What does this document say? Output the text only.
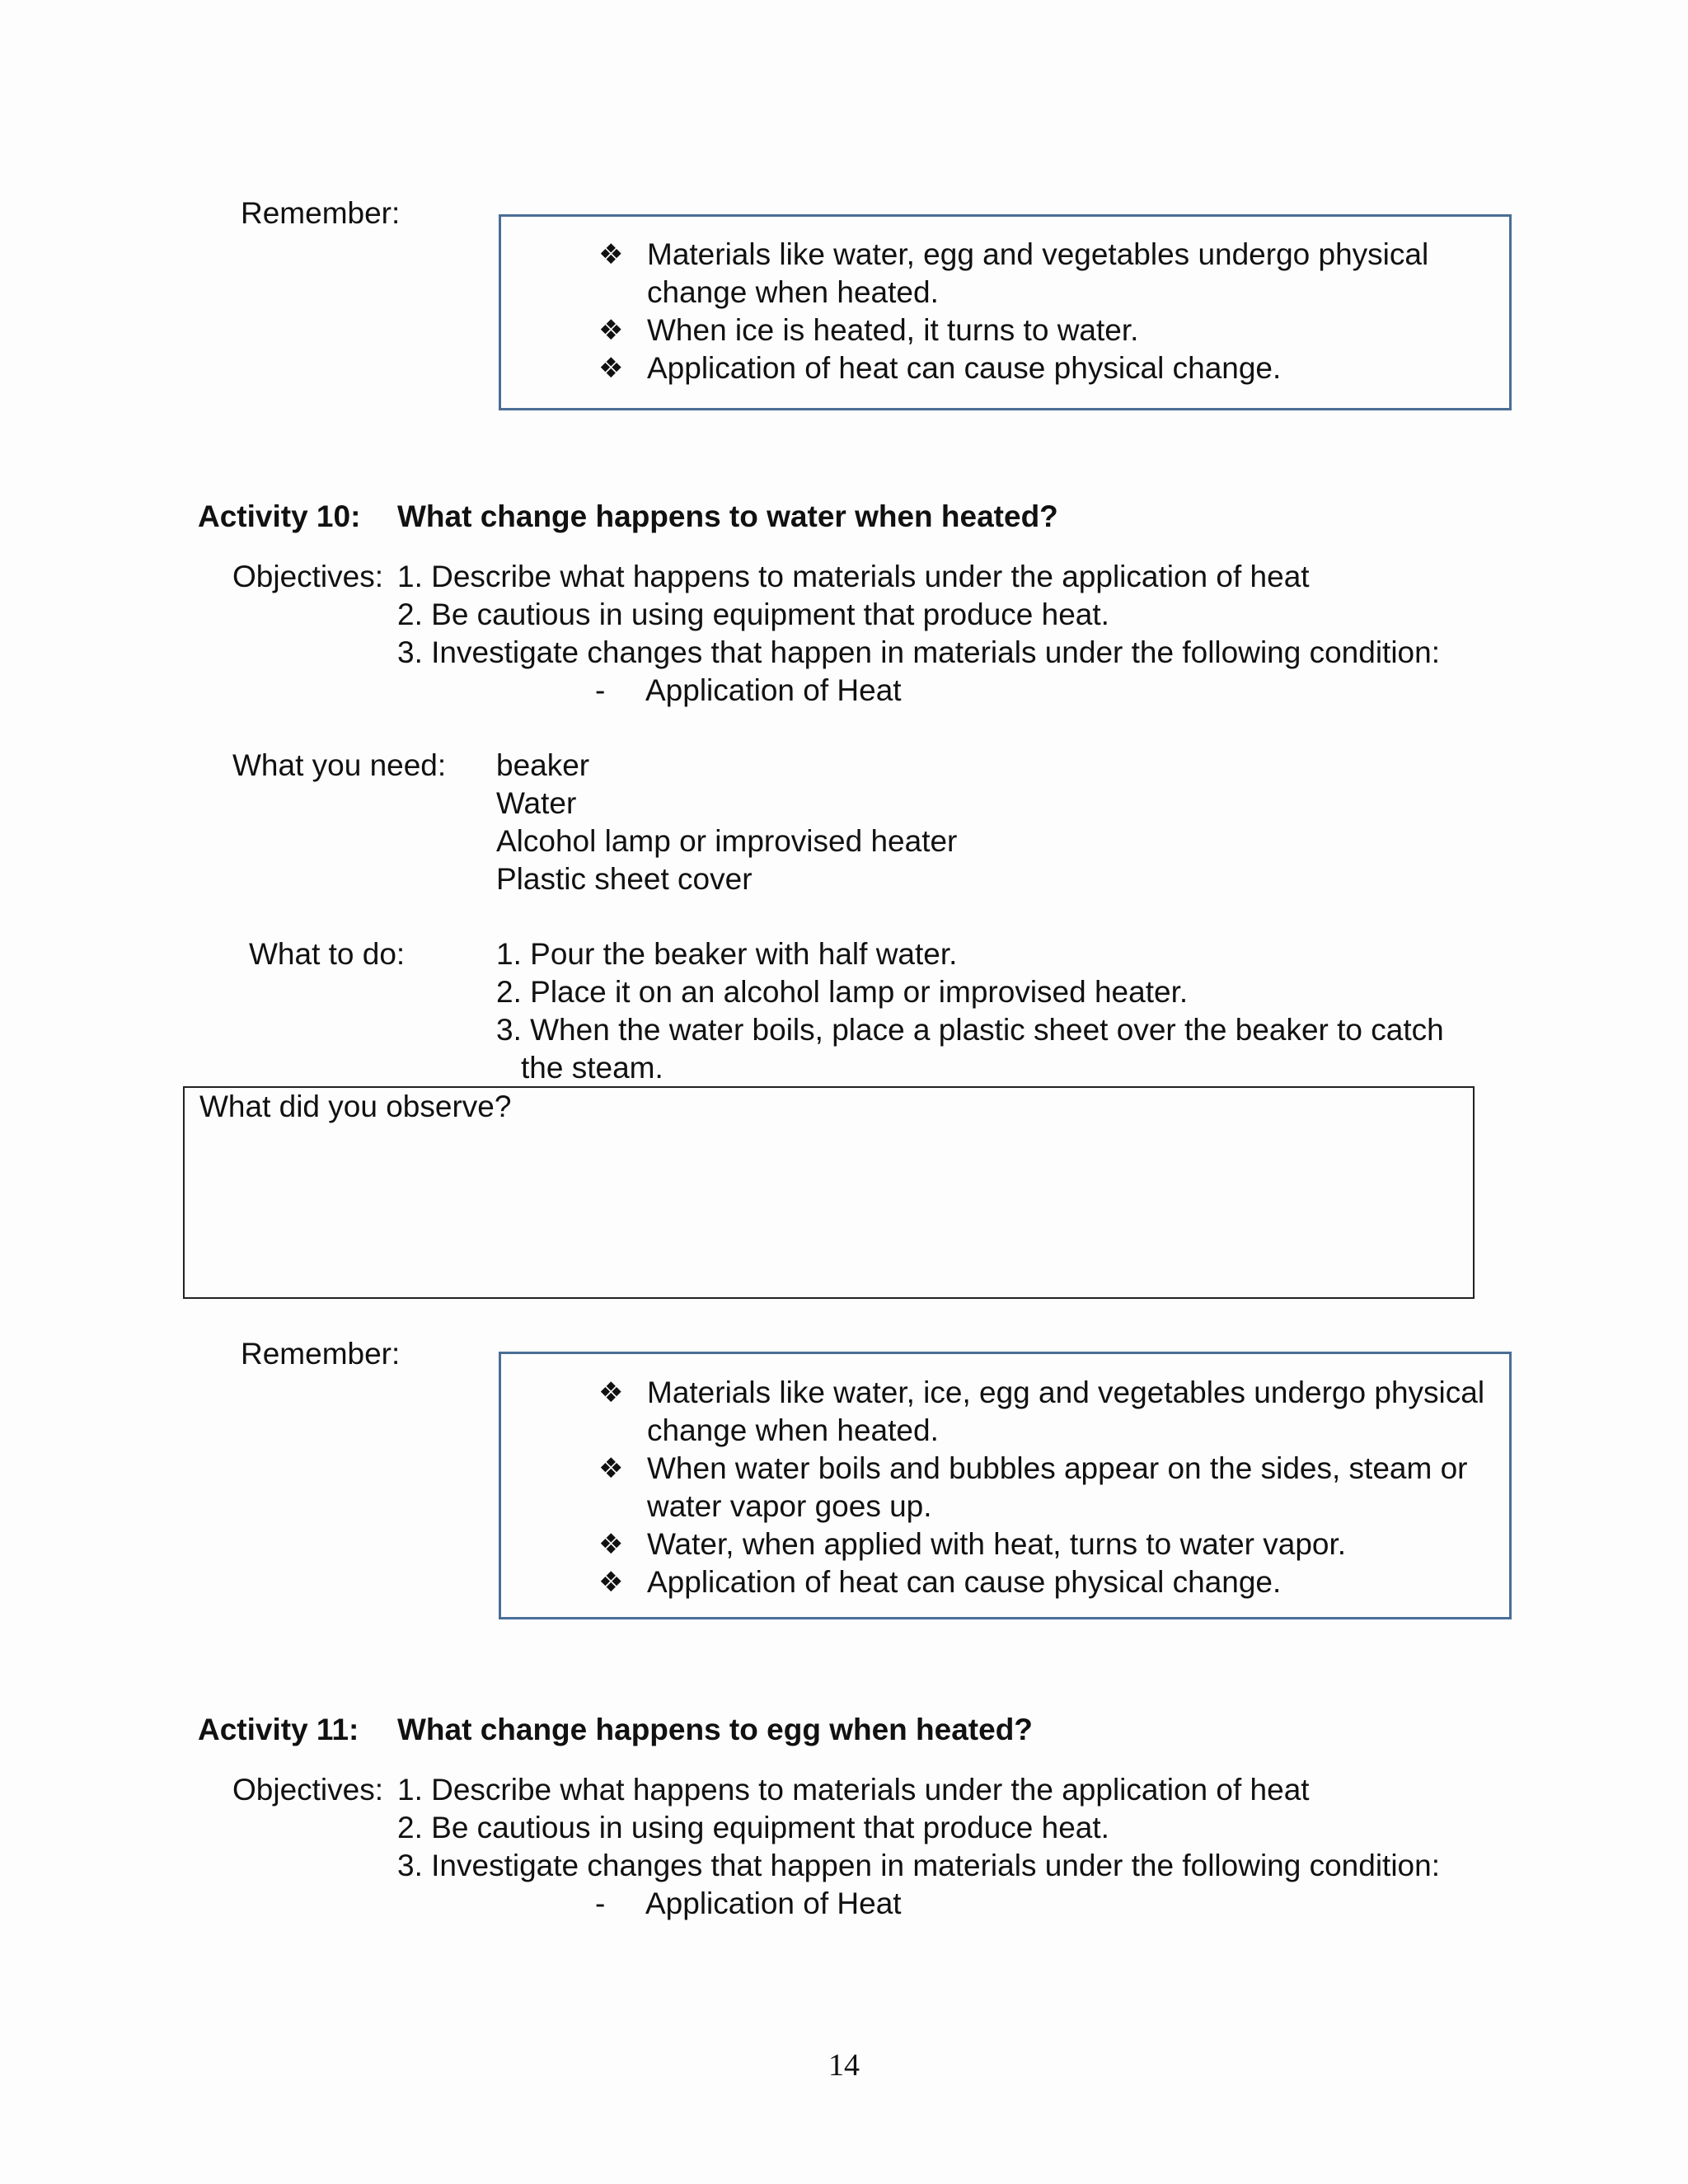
Remember:
❖ Materials like water, egg and vegetables undergo physical change when heated.
❖ When ice is heated, it turns to water.
❖ Application of heat can cause physical change.
Activity 10: What change happens to water when heated?
Objectives: 1. Describe what happens to materials under the application of heat
2. Be cautious in using equipment that produce heat.
3. Investigate changes that happen in materials under the following condition:
- Application of Heat
What you need: beaker
Water
Alcohol lamp or improvised heater
Plastic sheet cover
What to do:	1. Pour the beaker with half water.
2. Place it on an alcohol lamp or improvised heater.
3. When the water boils, place a plastic sheet over the beaker to catch
the steam.
What did you observe?
Remember:
❖ Materials like water, ice, egg and vegetables undergo physical change when heated.
❖ When water boils and bubbles appear on the sides, steam or water vapor goes up.
❖ Water, when applied with heat, turns to water vapor.
❖ Application of heat can cause physical change.
Activity 11: What change happens to egg when heated?
Objectives: 1. Describe what happens to materials under the application of heat
2. Be cautious in using equipment that produce heat.
3. Investigate changes that happen in materials under the following condition:
- Application of Heat
14
